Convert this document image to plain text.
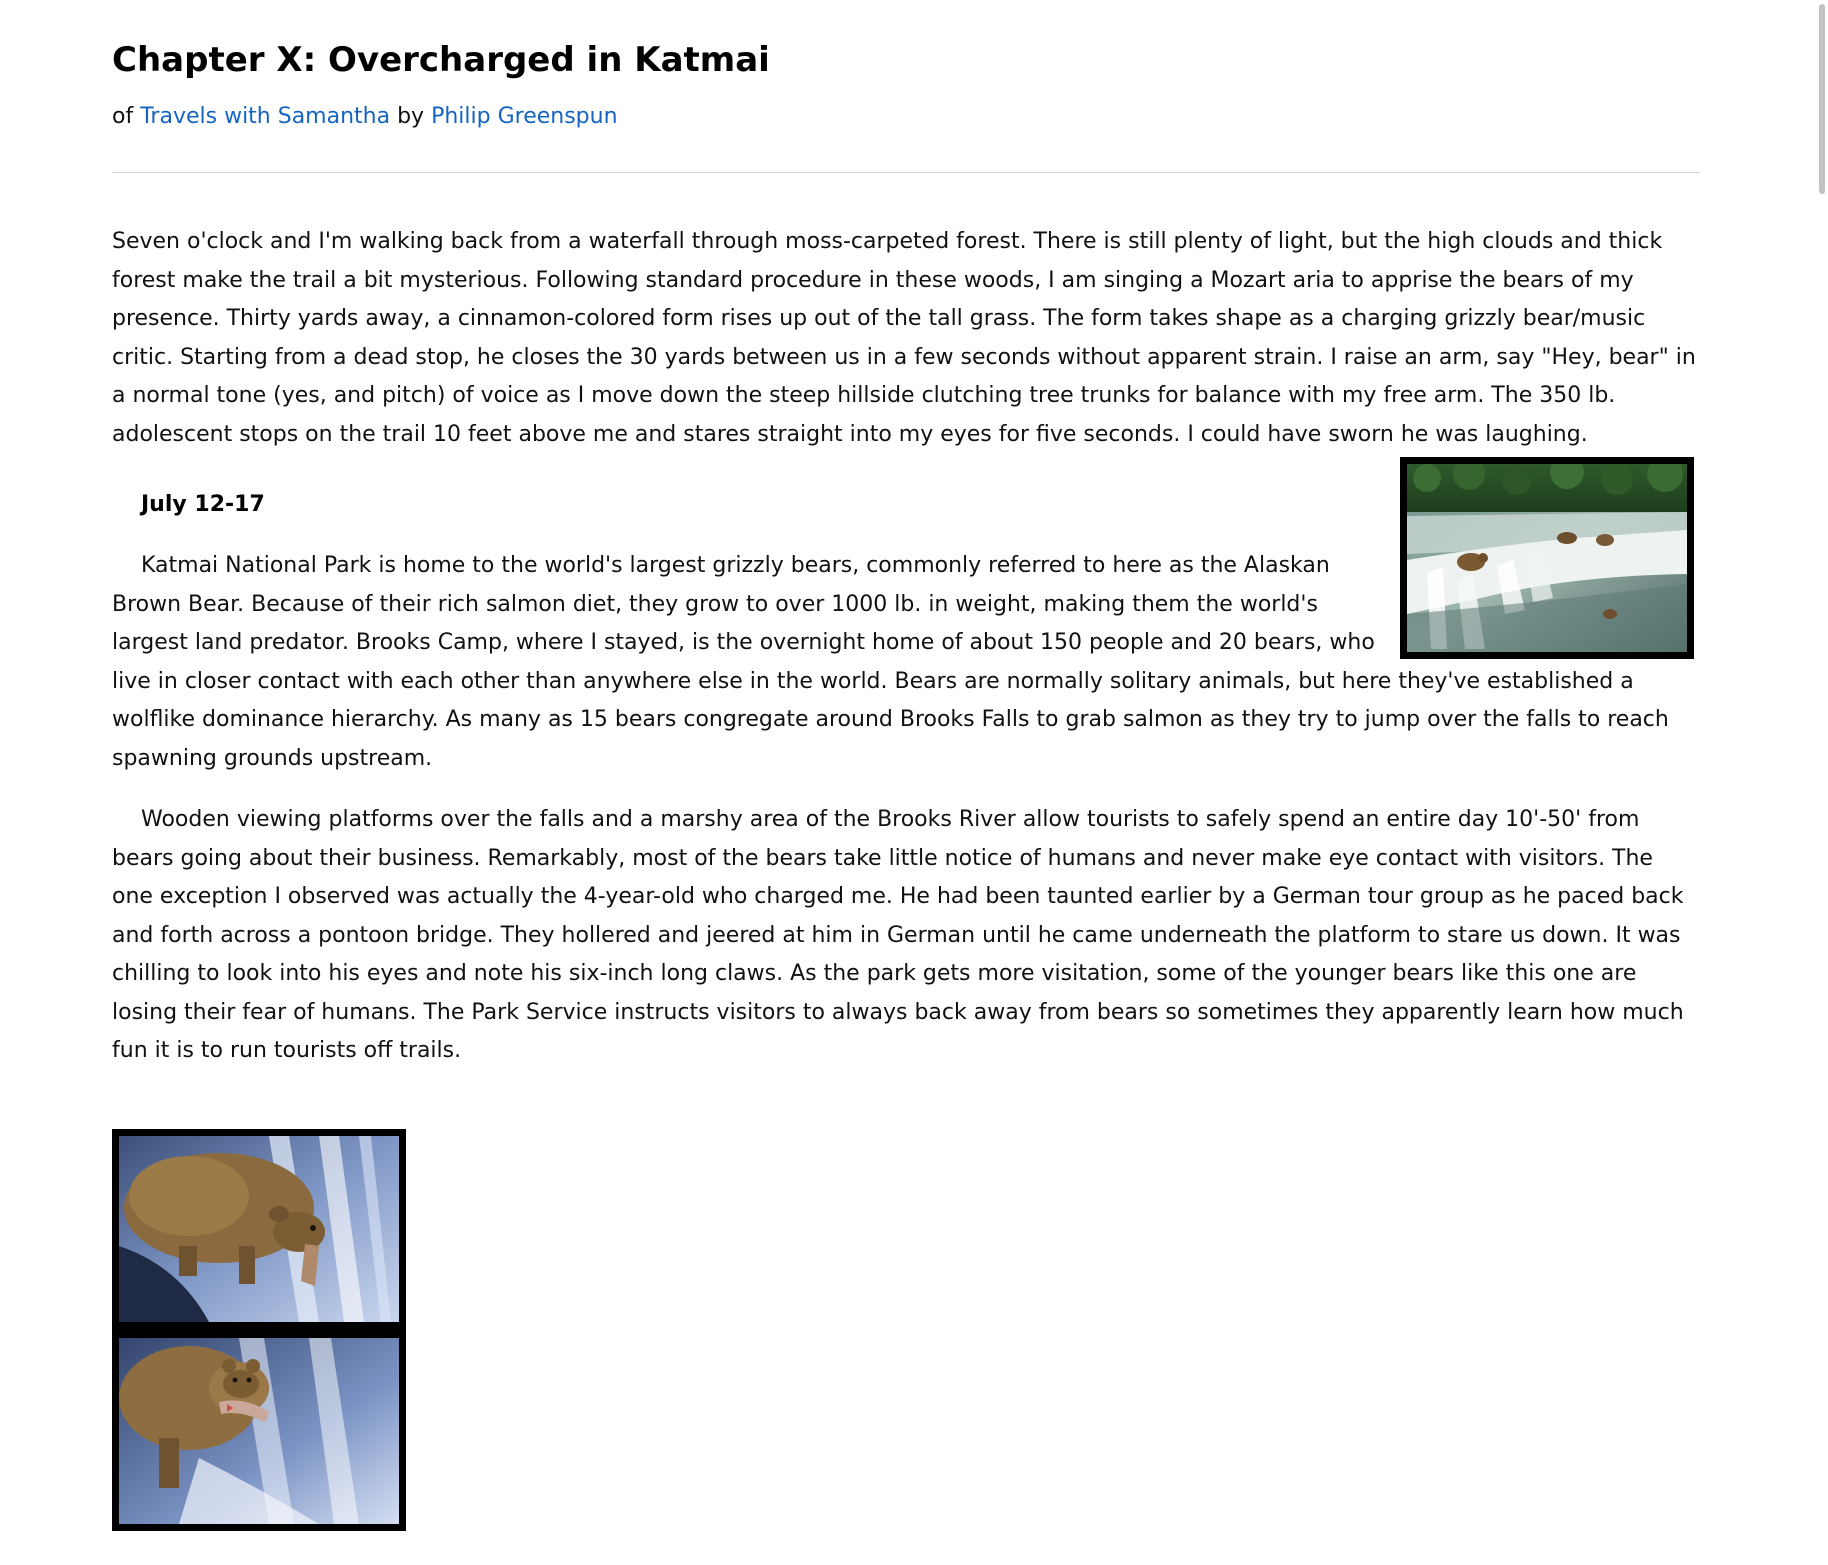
Chapter X: Overcharged in Katmai
of Travels with Samantha by Philip Greenspun

Seven o'clock and I'm walking back from a waterfall through moss-carpeted forest. There is still plenty of light, but the high clouds and thick forest make the trail a bit mysterious. Following standard procedure in these woods, I am singing a Mozart aria to apprise the bears of my presence. Thirty yards away, a cinnamon-colored form rises up out of the tall grass. The form takes shape as a charging grizzly bear/music critic. Starting from a dead stop, he closes the 30 yards between us in a few seconds without apparent strain. I raise an arm, say "Hey, bear" in a normal tone (yes, and pitch) of voice as I move down the steep hillside clutching tree trunks for balance with my free arm. The 350 lb. adolescent stops on the trail 10 feet above me and stares straight into my eyes for five seconds. I could have sworn he was laughing.

July 12-17

Katmai National Park is home to the world's largest grizzly bears, commonly referred to here as the Alaskan Brown Bear. Because of their rich salmon diet, they grow to over 1000 lb. in weight, making them the world's largest land predator. Brooks Camp, where I stayed, is the overnight home of about 150 people and 20 bears, who live in closer contact with each other than anywhere else in the world. Bears are normally solitary animals, but here they've established a wolflike dominance hierarchy. As many as 15 bears congregate around Brooks Falls to grab salmon as they try to jump over the falls to reach spawning grounds upstream.

Wooden viewing platforms over the falls and a marshy area of the Brooks River allow tourists to safely spend an entire day 10'-50' from bears going about their business. Remarkably, most of the bears take little notice of humans and never make eye contact with visitors. The one exception I observed was actually the 4-year-old who charged me. He had been taunted earlier by a German tour group as he paced back and forth across a pontoon bridge. They hollered and jeered at him in German until he came underneath the platform to stare us down. It was chilling to look into his eyes and note his six-inch long claws. As the park gets more visitation, some of the younger bears like this one are losing their fear of humans. The Park Service instructs visitors to always back away from bears so sometimes they apparently learn how much fun it is to run tourists off trails.
